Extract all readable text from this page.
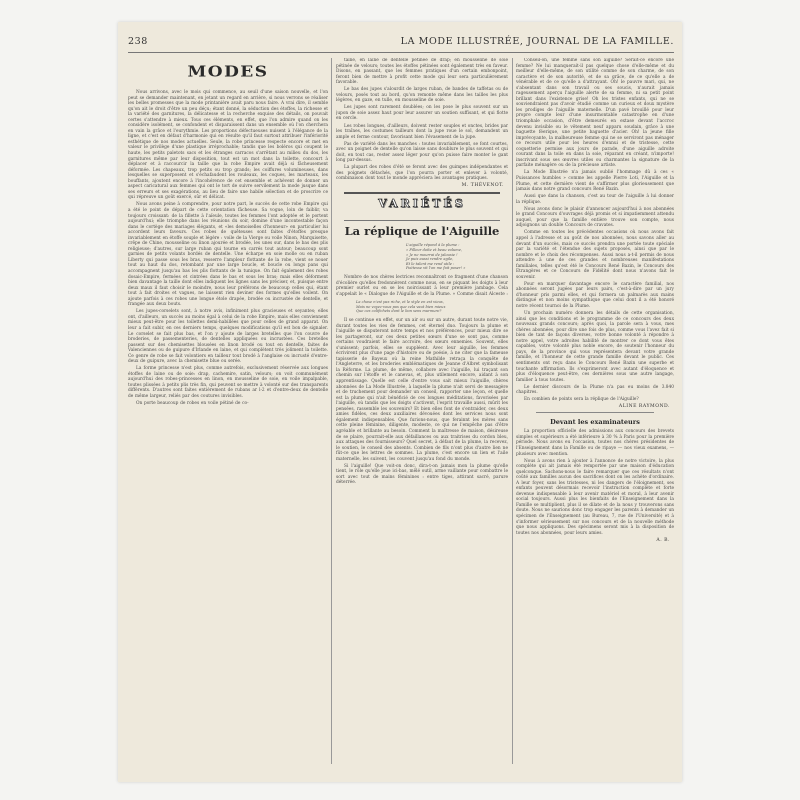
238	LA MODE ILLUSTRÉE, JOURNAL DE LA FAMILLE.
MODES

Nous arrivons, avec le mois qui commence, au seuil d'une saison nouvelle, et l'on peut se demander maintenant, en jetant un regard en arrière, si nous verrons se réaliser les belles promesses que la mode printanière avait paru nous faire. A vrai dire, il semble qu'on ait le droit d'être un peu déçu; étant donné, la séduction des étoffes, la richesse et la variété des garnitures, la délicatesse et la recherche exquise des détails, on pouvait certes s'attendre à mieux. Tous ces éléments, en effet, que l'on admire quand on les considère isolément, se confondent et disparaissent dans un ensemble où l'on cherchera en vain la grâce et l'eurythmie. Les proportions défectueuses nuisent à l'élégance de la ligne, et c'est en défaut d'harmonie qui en résulte qu'il faut surtout attribuer l'infériorité esthétique de nos modes actuelles. Seule, la robe princesse respecte encore et met en valeur le privilège d'une plastique irréprochable; tandis que les boléros qui coupent le haute, les petits paletots sacs et les étranges carracos s'arrêtant au milieu du dos, les garnitures même par leur disposition, tout est un mot dans la toilette, concourt à déplacer et à raccourcir la taille que la robe Empire avait déjà si fâcheusement déformée. Les chapeaux, trop petits ou trop grands; les coiffures volumineuses, dans lesquelles se superposent et s'échafaudent les rouleaux, les coques, les marteaux, les bouffants, ajoutent encore à l'incohérence de cet ensemble et achèvent de donner un aspect caricatural aux femmes qui ont le tort de suivre servilement la mode jusque dans ses erreurs et ses exagérations, au lieu de faire une habile sélection et de proscrire ce qui répreuve un goût exercé, sûr et délicat.

Nous avons peine à comprendre, pour notre part, le succès de cette robe Empire qui a été le point de départ de cette orientation fâcheuse. Sa vogue, loin de faiblir, va toujours croissant: de la fillette à l'aïeule, toutes les femmes l'ont adoptée et le portent aujourd'hui; elle triomphe dans les réunions du soir, domine d'une incontestable façon dans le cortège des mariages élégants, et «les demoiselles d'honneur» en particulier lui accordent leurs faveurs. Ces robes de quêteuses sont faites d'étoffes presque invariablement en étoffe souple et légère : voile de la Vierge ou voile Ninon, Marquisette, crêpe de Chine, mousseline ou linon ajourée et brodée, les unes sur, dans le bas des plis religieuse; d'autres, sur large ruban qui tourne en carrés tout autour; beaucoup sont garnies de petits volants bordés de dentelle. Une écharpe en soie molle ou en ruban Liberty qui passe sous les bras, resserre l'ampleur flottante de la robe, vient se nouer tout au haut du dos, retombant par une large boucle, et boucle ou longs pans qui accompagnent jusqu'au bas les plis flottants de la tunique. On fait également des robes dosaic-Empire, fermées et cintrées dans le bas et sous les bras; mais elles déforment bien davantage la taille dont elles indiquent les lignes sans les préciser, et, puisque entre deux maux il faut choisir le moindre, nous leur préférons de beaucoup celles qui, étant tout à fait droites et vagues, ne laissent rien deviner des formes qu'elles voilent. On ajoute parfois à ces robes une longue étole drapée, brodée ou incrustée de dentelle, et frangée aux deux bouts.

Les jupes-corselets sont, à notre avis, infiniment plus gracieuses et seyantes; elles ont, d'ailleurs, un succès au moins égal à celui de la robe Empire, mais elles conviennent mieux peut-être pour les toilettes demi-habillées que pour celles de grand apparat. On leur a fait subir, en ces derniers temps, quelques modifications qu'il est bon de signaler. Le corselet se fait plus bas, et l'on y ajoute de larges bretelles que l'on couvre de broderies, de passementeries, de dentelles appliquées ou incrustées. Ces bretelles passent sur des chemisettes blousées en linon brodé ou tout en dentelle, faites de Valenciennes ou de guipure d'Irlande en laine, et qui complètent très joliment la toilette. Ce genre de robe se fait volontiers en tailleur tout brodé à l'anglaise ou incrusté d'entre-deux de guipure, avec la chemisette blue ou serée.

La forme princesse n'est plus, comme autrefois, exclusivement réservée aux longues étoffes de laine ou de soie: drap, cachemire, satin, velours; on voit communément aujourd'hui des robes-princesses en linon, en mousseline de soie, en voile impalpable, toutes plissées à petits plis très fin, qui peuvent se mettre à volonté sur des transparents différents. D'autres sont faites entièrement de rubans ar l-2 et d'entre-deux de dentelle de même largeur, reliés par des coutures invisibles.

On porte beaucoup de robes en voile pétiné de co-

taine, en laine de dentelle pétinée de drap; en mousseline de soie pétinée de velours; toutes les étoffes pétinées sont également très en faveur. Disons, en passant, que les femmes pratiques d'un certain embonpoint, feront bien de mettre à profit cette mode qui leur sera particulièrement favorable.

Le bas des jupes s'alourdit de larges ruban, de bandes de taffetas ou de velours, posés tout au bord, qu'on remonte même dans les tailles les plus légères, en gaze, en tulle, en mousseline de soie.

Les jupes sont rarement doublées; on les pose le plus souvent sur un jupon de soie assez haut pour leur assurer un soutien suffisant, et qui flotte en cercle.

Les robes longues, d'ailleurs, doivent rester souples et onctes, brides par les traînes, les costumes tailleurs dont la jupe roue le sol, demandent un ample et ferme contour, favorisant bien l'évasement de la jupe.

Pas de variété dans les manches : toutes invariablement, se font courtes, avec un poignet de dentelle qu'on laisse sans doublure le plus souvent et qui doit, en tout cas, rester assez léger pour qu'on puisse faire monter le gant long par-dessus.

La plupart des robes d'été se feront avec des guimpes indépendantes et des poignets détachés, que l'on pourra porter et enlever à volonté, combinaison dont tout le monde appréciera les avantages pratiques.

M. THÉVENOT.
VARIÉTÉS
La réplique de l'Aiguille
L'aiguille répond à la plume :
« Filleur doïte et beau volume,
« Je ne mourrai de jalousie !
Je puis aussi rendre agile,
Et le talent me rend utile :
Poétesse vit l'on me fait poser! »

Nombre de nos chères lectrices reconnaîtront ce fragment d'une chanson d'écolière qu'elles fredonnèrent comme nous, en se piquant les doigts à leur premier ourlet ou en se les noircissant à leur première jambage. Cela s'appelait le « Dialogue de l'Aiguille et de la Plume. » Comme disait Alceste :

La chose n'est pas riche, et le style en est vieux,
Mais ne voyez-vous pas que cela vaut bien mieux
Que ces colifichets dont le bon sens murmure?

Il se continue en effet, sur un air ou sur un autre, durant toute notre vie, durant toutes les vies de femmes, cet éternel duo. Toujours la plume et l'aiguille se disputeront notre temps et nos préférences, pour mieux dire se les partageront, sur ces deux petites sœurs d'une se sont pas, comme certains voudraient le faire accroire, des sœurs ennemies. Souvent, elles s'unissent; parfois, elles se suppléent. Avec leur aiguille, les femmes écrivirent plus d'une page d'histoire ou de poésie, à ne citer que la fameuse tapisserie de Bayeux où la reine Mathilde retraça la conquête de l'Angleterre, et les broderies emblématiques de Jeanne d'Albret symbolisant la Réforme. La plume, de même, collabore avec l'aiguille, lui traçant son chemin sur l'étoffe et le canevas, et, plus utilement encore, aidant à son apprentissage. Quelle est celle d'entre vous sait mieux l'aiguille, chères abonnées de La Mode Illustrée, à laquelle la plume n'ait servi de messagère et de truchement pour demander un conseil, rapporter une leçon, et quelle est la plume qui n'ait bénéficié de ces longues méditations, favorisées par l'aiguille, où tandis que les doigts s'activent, l'esprit travaille aussi, mûrit les pensées, rassemble les souvenirs? Et bien elles font de s'entraider, ces deux amies fidèles, ces deux auxiliaires dévouées dont les services nous sont également indispensables. Que furions-nous, que ferainnt les mères sans cette pleine féminine, diligente, modeste, ce qui ne l'empêche pas d'être agréable et brillante au besoin. Comment la maîtresse de maison, désireuse de se plaire, pourrait-elle aux défaillances ou aux traitrises du cordon bleu, aux attaques des fournisseurs? Quel secret, à défaut de la plume, la recevez, le soutien, le conseil des absents. Combien de fils n'ont plus d'autre lien ne fût-ce que les lettres de sommes. La plume, c'est encore un lien et l'aile maternelle, les suivent, les couvent jusqu'au fond du monde.

Si l'aiguille! Que voit-on donc, dira-t-on jamais mon la plume qu'elle tient, le rôle qu'elle joue ici-bas, mêlé outil, arme vaillante pour combattre le sort avec tout de mains féminines : entre tiges, attirant sacré, parure déterrée.

Conseil-on, une femme sans son aiguille? Serait-ce encore une femme? Ne lui manquerait-il pas quelque chose d'elle-même et du meilleur d'elle-même, de son utilité comme de son charme, de son caractère et de son autorité, et de sa grâce, de ce qu'elle a de vénérable et de ce qu'elle a d'attrayant. Oh! le pauvre mari, qui, ne s'absentant dans son travail ou ses soucis, n'aurait jamais rageusement aperçu l'aiguille alerte de sa femme, ni sa petit point brillant dans l'existence grise! Oh les tristes enfants, qui ne se souviendraient pas d'avoir étudié comme un curieux et doux mystère les prodiges de l'aiguille maternelle. D'un pavé brouillé pour leur propre compte leur d'une insurmontable catastrophe en d'une triomphale occasion, d'être demeurés en extase devant l'accroc devenu invisible ou le vêtement neuf apparu soudain, grâce à une baguette féerique, une petite baguette d'acier. Oh! la jeune fille imprévoyante, la malheureuse femme qui ne se serviront pas ménager ce recours utile pour les heures d'ennui et de tristesse, cette coquetterie permise aux jours de parade, d'une aiguille adroite courant dans la toile en dans la soie, réparant en créant, n'importe! inscrivant sous ses œuvres utiles ou charmantes la signature de la parfaite ménagère ou de la précieuse artiste.

La Mode Illustrée n'a jamais oublié l'hommage dû à ces « Puissances humbles » comme les appelle Pierre Loti, l'Aiguille et la Plume, et cette dernière vient de s'affirmer plus glorieusement que jamais dans notre grand concours René Bazin.

Aussi que dans la chanson, c'est au tour de l'aiguille à lui donner la réplique.

Nous avons donc le plaisir d'annoncer aujourd'hui à nos abonnées le grand Concours d'ouvrages déjà promis et si impatiemment attendu auquel, pour que la famille entière trouve son compte, nous adjoignons un double Concours de cravates.

Comme en toutes les précédentes occasions où nous avons fait appel à l'adresse et au goût de nos abonnées, nous savons aller au devant d'un succès, mais ce succès prendra une portée toute spéciale par la variété et l'étendue des sujets proposés, ainsi que par le nombre et le choix des récompenses. Aussi nous a-t-il permis de nous attendre à une de ces grandes et nombreuses manifestations familiales, telles qu'est été le Concours René Bazin, le Concours des Etrangères et ce Concours de Fidélité dont nous n'avons fait le souvenir.

Pour en marquer davantage encore le caractère familial, nos abonnées seront jugées par leurs pairs, c'est-à-dire par un jury d'honneur pris parmi elles, et qui formera un palmarès aux mains distingué et non moins sympathique que celui dont il a été honoré notre récent tournoi de la Plume.

Un prochain numéro donnera les détails de cette organisation, ainsi que les conditions et le programme de ce concours des deux nouveaux grands concours; après quoi, la parole sera à vous, mes chères abonnées, pour dire une fois de plus, comme vous l'avez fait si bien de tant de façons diverses, votre bonne volonté à répondre à notre appel, votre adroites habilité de montrer ce dont vous êtes capables, votre volonté plus noble encore, de soutenir l'honneur du pays, de la province qui vous représentera devant votre grande famille, et l'honneur de cette grande famille devant le public. Ces sentiments ont reçu dans le Concours René Bazin une superbe et touchante affirmation. Ils s'exprimeront avec autant d'éloquence et plus d'éloquence peut-être, ces dernières sous une autre langage, familier à tous toutes.

Le dernier discours de la Plume n'a pas eu moins de 3.840 chapitres.

En combien de points sera la réplique de l'Aiguille?

ALINE RAYMOND.
Devant les examinateurs

La proportion officielle des admissions aux concours des brevets simples et supérieurs a été inférieure à 30 % à Paris pour la première période. Nous avons eu l'occasion, toutes nos chères présidentes de l'Enseignement dans la Famille ou de ripaye — nos vieux examens, — plusieurs avec mention.

Nous à avons rien à ajouter à l'annonce de notre victoire, la plus complète qui ait jamais été remportée par une maison d'éducation quelconque. Sachons-nous le faire remarquer que ces résultats n'ont coûté aux familles aucun des sacrifices dont on les achète d'ordinaire. A leur foyer, sans les tristesses, ni les dangers de l'éloignement, ses enfants peuvent désormais recevoir l'instruction complète et forte devenue indispensable à leur avenir matériel et moral, à leur avenir social toujours. Aussi plus les bienfaits de l'Enseignement dans la Famille se multiplient, plus il se dilate et de la nous y trouverons sans doute. Nous ne saurions donc trop engager les parents à demander un spécimen de l'Enseignement (au Bureau, 7, rue de l'Université) et à s'informer sérieusement sur nos concours et de la nouvelle méthode que nous appliquons. Des spécimens seront mis à la disposition de toutes nos abonnées, pour leurs amies.

A. B.
